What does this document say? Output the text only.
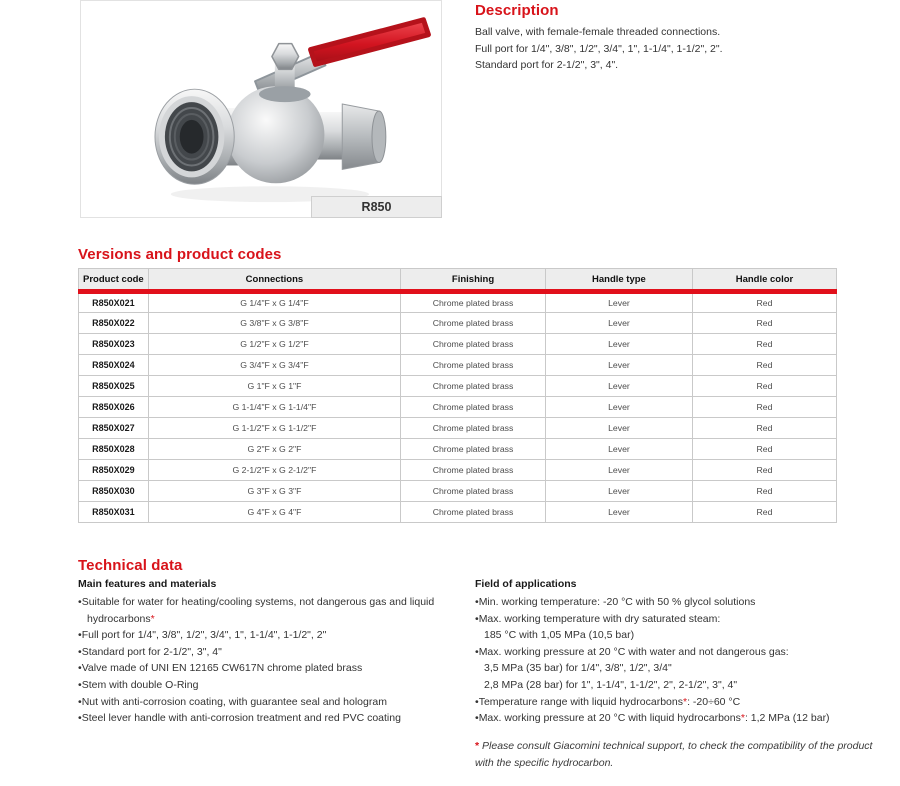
R850
Description
Ball valve, with female-female threaded connections.
Full port for 1/4", 3/8", 1/2", 3/4", 1", 1-1/4", 1-1/2", 2".
Standard port for 2-1/2", 3", 4".
Versions and product codes
Product code	Connections	Finishing	Handle type	Handle color
R850X021	G 1/4"F x G 1/4"F	Chrome plated brass	Lever	Red
R850X022	G 3/8"F x G 3/8"F	Chrome plated brass	Lever	Red
R850X023	G 1/2"F x G 1/2"F	Chrome plated brass	Lever	Red
R850X024	G 3/4"F x G 3/4"F	Chrome plated brass	Lever	Red
R850X025	G 1"F x G 1"F	Chrome plated brass	Lever	Red
R850X026	G 1-1/4"F x G 1-1/4"F	Chrome plated brass	Lever	Red
R850X027	G 1-1/2"F x G 1-1/2"F	Chrome plated brass	Lever	Red
R850X028	G 2"F x G 2"F	Chrome plated brass	Lever	Red
R850X029	G 2-1/2"F x G 2-1/2"F	Chrome plated brass	Lever	Red
R850X030	G 3"F x G 3"F	Chrome plated brass	Lever	Red
R850X031	G 4"F x G 4"F	Chrome plated brass	Lever	Red
Technical data
Main features and materials
• Suitable for water for heating/cooling systems, not dangerous gas and liquid hydrocarbons*
• Full port for 1/4", 3/8", 1/2", 3/4", 1", 1-1/4", 1-1/2", 2"
• Standard port for 2-1/2", 3", 4"
• Valve made of UNI EN 12165 CW617N chrome plated brass
• Stem with double O-Ring
• Nut with anti-corrosion coating, with guarantee seal and hologram
• Steel lever handle with anti-corrosion treatment and red PVC coating
Field of applications
• Min. working temperature: -20 °C with 50 % glycol solutions
• Max. working temperature with dry saturated steam:
185 °C with 1,05 MPa (10,5 bar)
• Max. working pressure at 20 °C with water and not dangerous gas:
3,5 MPa (35 bar) for 1/4", 3/8", 1/2", 3/4"
2,8 MPa (28 bar) for 1", 1-1/4", 1-1/2", 2", 2-1/2", 3", 4"
• Temperature range with liquid hydrocarbons*: -20÷60 °C
• Max. working pressure at 20 °C with liquid hydrocarbons*: 1,2 MPa (12 bar)

* Please consult Giacomini technical support, to check the compatibility of the product with the specific hydrocarbon.
